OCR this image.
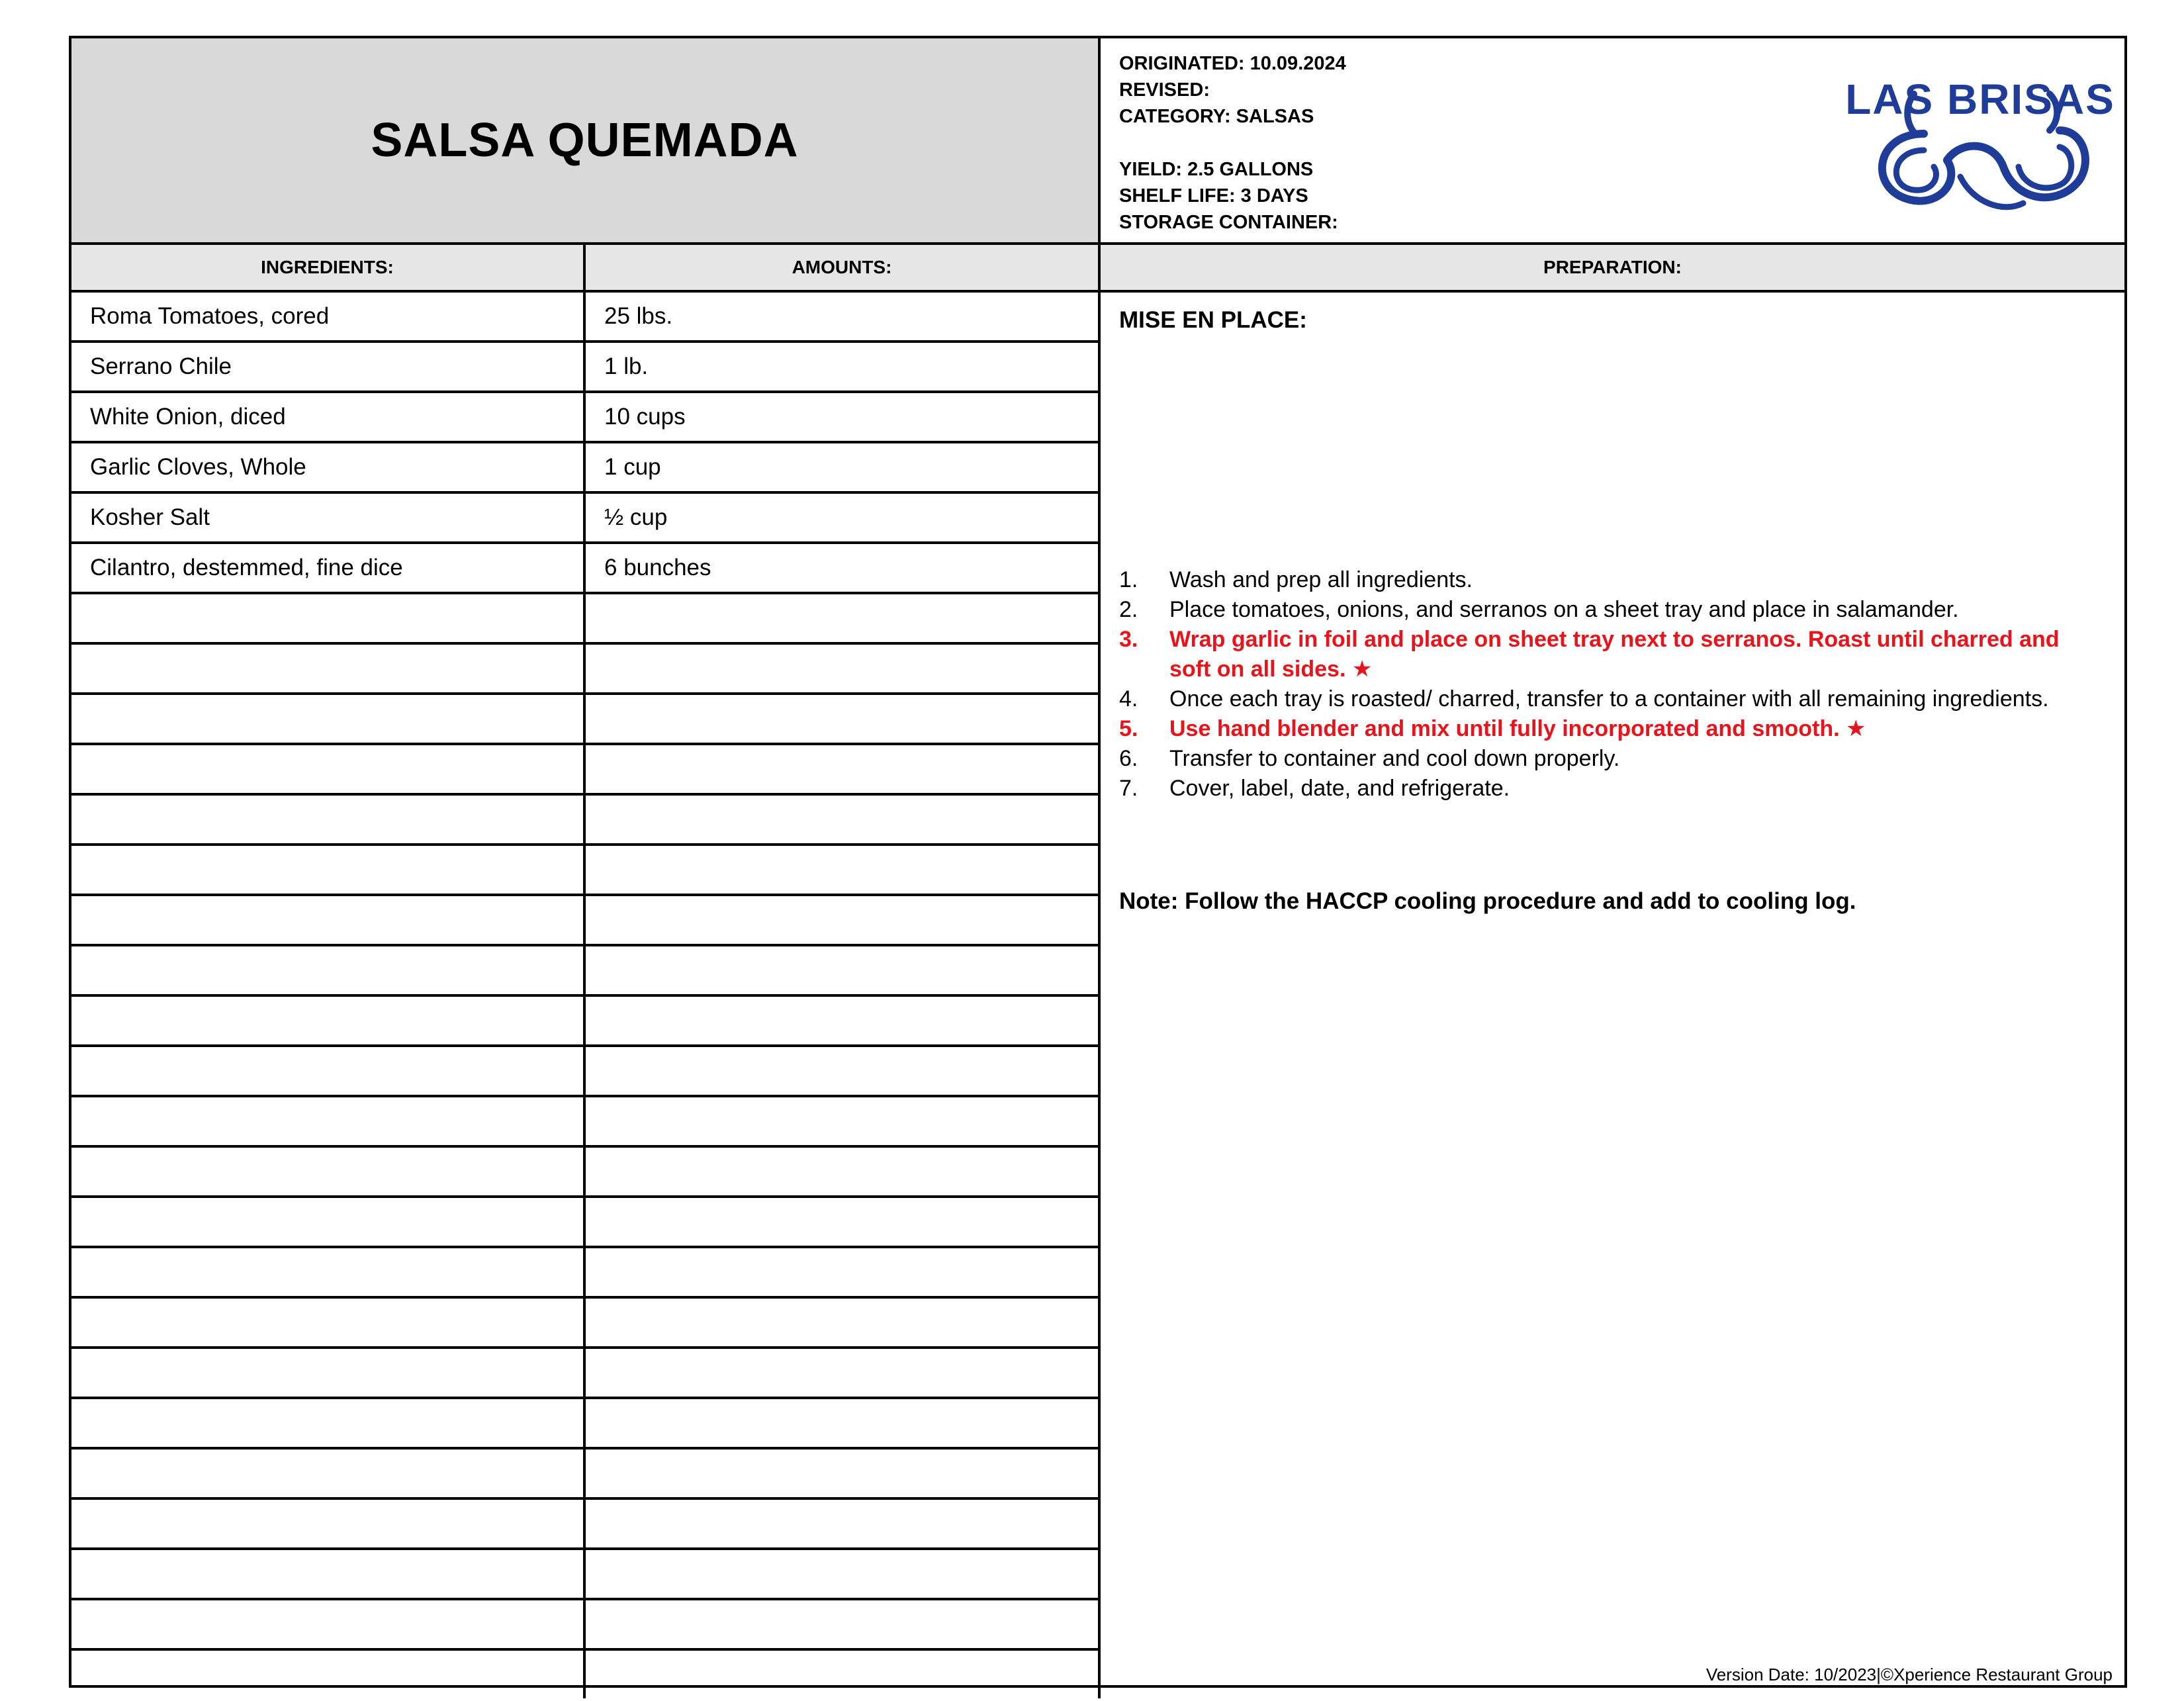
SALSA QUEMADA
ORIGINATED: 10.09.2024
REVISED:
CATEGORY: SALSAS
YIELD: 2.5 GALLONS
SHELF LIFE: 3 DAYS
STORAGE CONTAINER:
LAS BRISAS
INGREDIENTS:	AMOUNTS:	PREPARATION:
Roma Tomatoes, cored	25 lbs.
Serrano Chile	1 lb.
White Onion, diced	10 cups
Garlic Cloves, Whole	1 cup
Kosher Salt	½ cup
Cilantro, destemmed, fine dice	6 bunches
MISE EN PLACE:
1. Wash and prep all ingredients.
2. Place tomatoes, onions, and serranos on a sheet tray and place in salamander.
3. Wrap garlic in foil and place on sheet tray next to serranos. Roast until charred and soft on all sides. ★
4. Once each tray is roasted/ charred, transfer to a container with all remaining ingredients.
5. Use hand blender and mix until fully incorporated and smooth. ★
6. Transfer to container and cool down properly.
7. Cover, label, date, and refrigerate.
Note: Follow the HACCP cooling procedure and add to cooling log.
Version Date: 10/2023|©Xperience Restaurant Group
